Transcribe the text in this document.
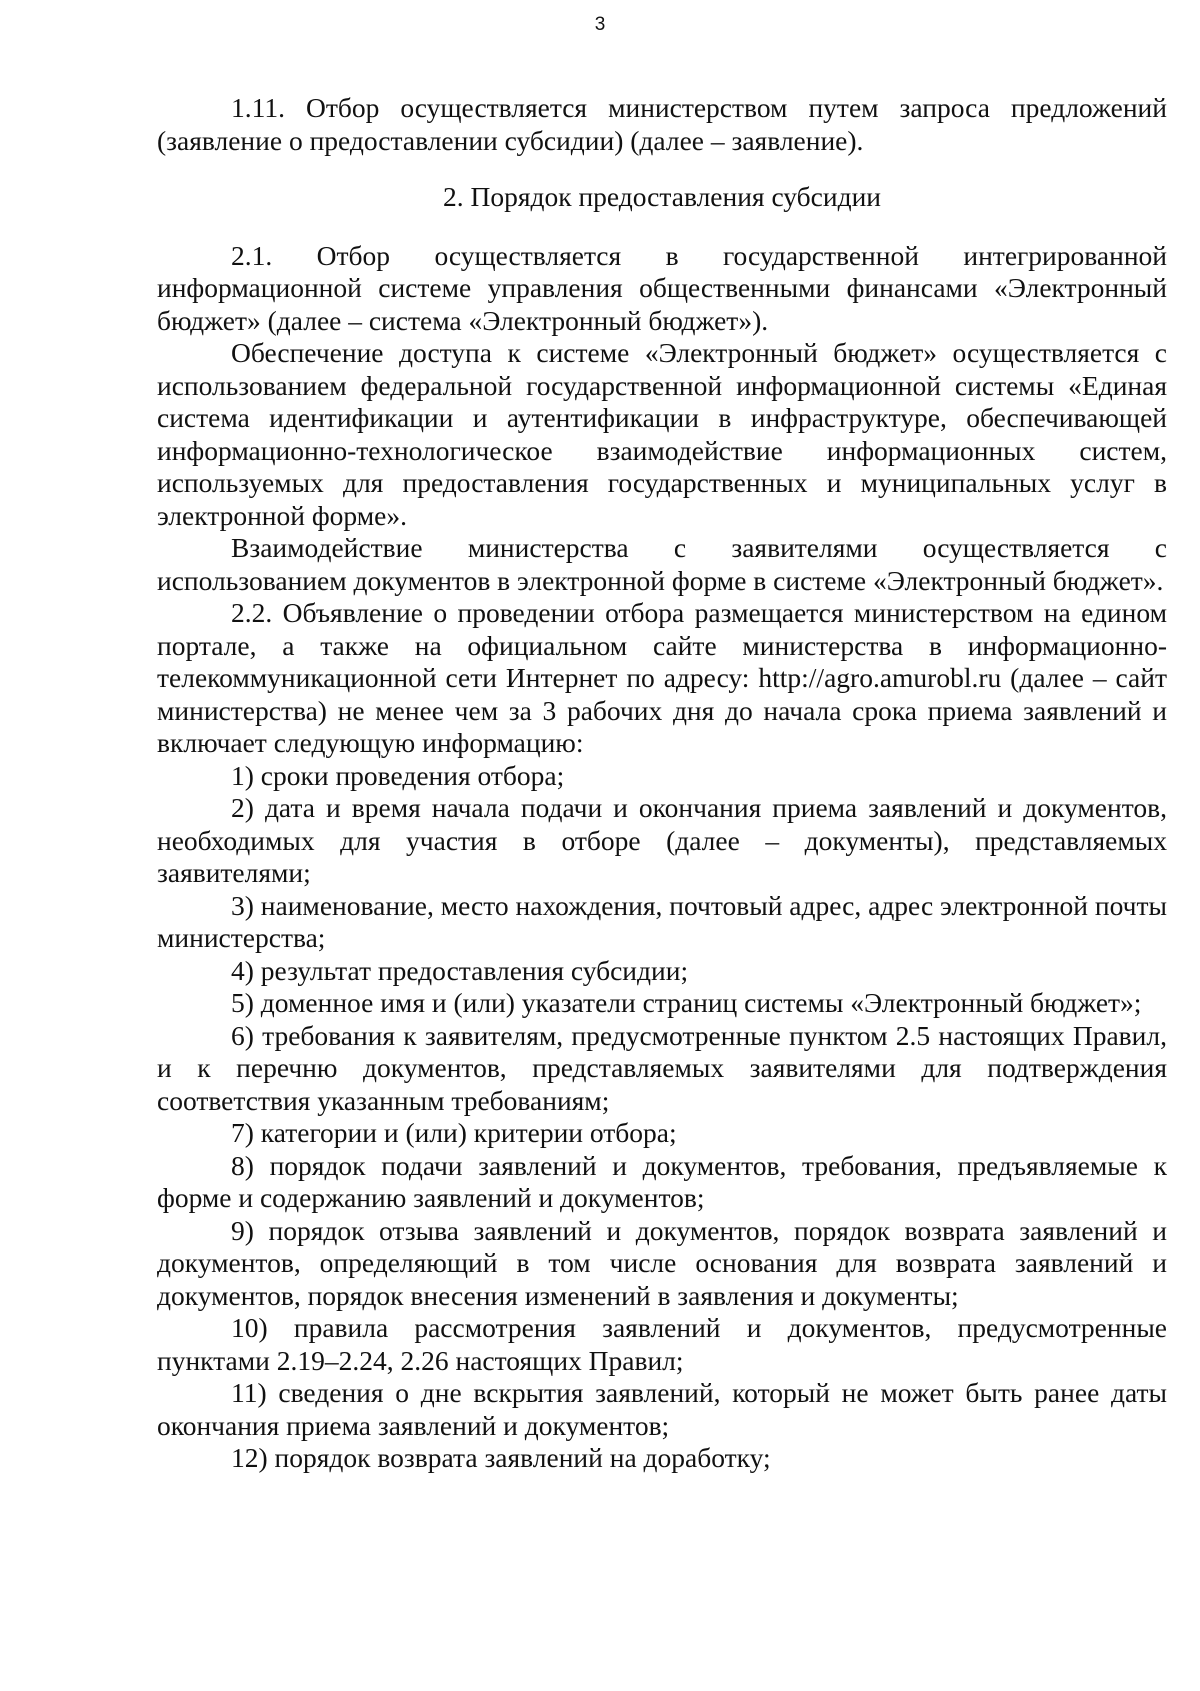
3

1.11. Отбор осуществляется министерством путем запроса предложений (заявление о предоставлении субсидии) (далее – заявление).

2. Порядок предоставления субсидии

2.1. Отбор осуществляется в государственной интегрированной информационной системе управления общественными финансами «Электронный бюджет» (далее – система «Электронный бюджет»).

Обеспечение доступа к системе «Электронный бюджет» осуществляется с использованием федеральной государственной информационной системы «Единая система идентификации и аутентификации в инфраструктуре, обеспечивающей информационно-технологическое взаимодействие информационных систем, используемых для предоставления государственных и муниципальных услуг в электронной форме».

Взаимодействие министерства с заявителями осуществляется с использованием документов в электронной форме в системе «Электронный бюджет».

2.2. Объявление о проведении отбора размещается министерством на едином портале, а также на официальном сайте министерства в информационно-телекоммуникационной сети Интернет по адресу: http://agro.amurobl.ru (далее – сайт министерства) не менее чем за 3 рабочих дня до начала срока приема заявлений и включает следующую информацию:

1) сроки проведения отбора;

2) дата и время начала подачи и окончания приема заявлений и документов, необходимых для участия в отборе (далее – документы), представляемых заявителями;

3) наименование, место нахождения, почтовый адрес, адрес электронной почты министерства;

4) результат предоставления субсидии;

5) доменное имя и (или) указатели страниц системы «Электронный бюджет»;

6) требования к заявителям, предусмотренные пунктом 2.5 настоящих Правил, и к перечню документов, представляемых заявителями для подтверждения соответствия указанным требованиям;

7) категории и (или) критерии отбора;

8) порядок подачи заявлений и документов, требования, предъявляемые к форме и содержанию заявлений и документов;

9) порядок отзыва заявлений и документов, порядок возврата заявлений и документов, определяющий в том числе основания для возврата заявлений и документов, порядок внесения изменений в заявления и документы;

10) правила рассмотрения заявлений и документов, предусмотренные пунктами 2.19–2.24, 2.26 настоящих Правил;

11) сведения о дне вскрытия заявлений, который не может быть ранее даты окончания приема заявлений и документов;

12) порядок возврата заявлений на доработку;
